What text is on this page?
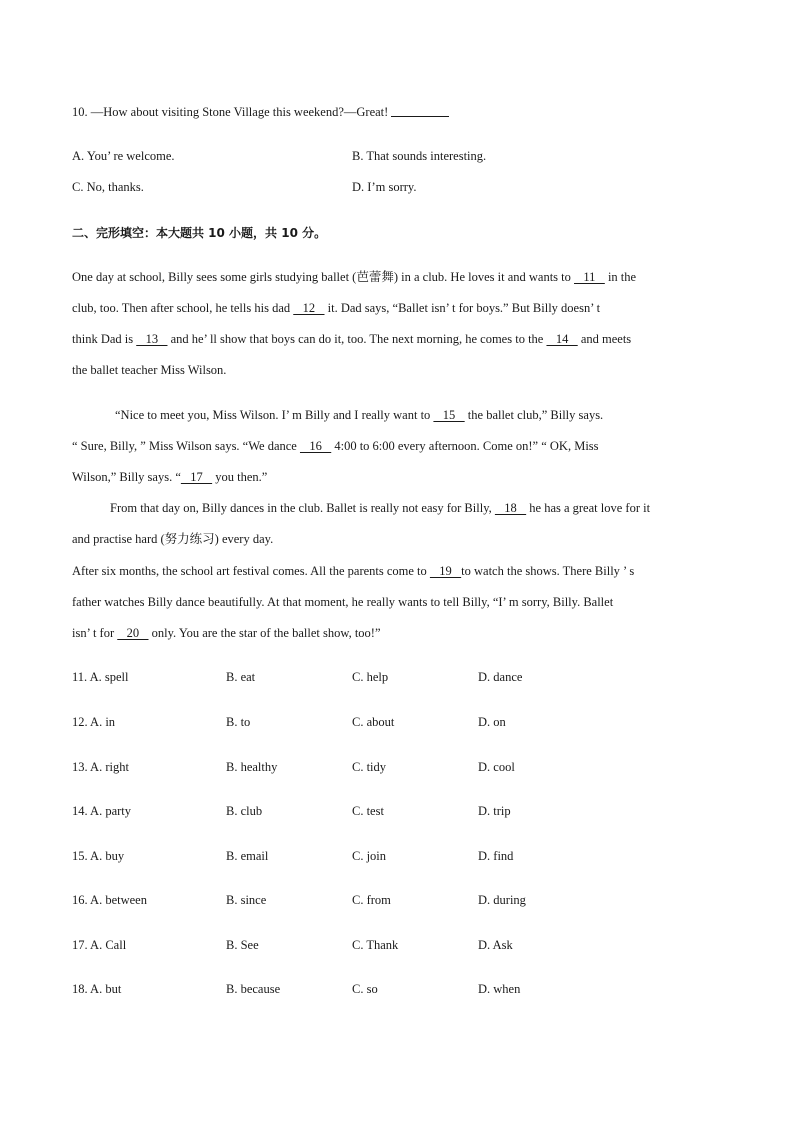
10. —How about visiting Stone Village this weekend?—Great!
A. You’ re welcome.	B. That sounds interesting.
C. No, thanks.	D. I’m sorry.
二、完形填空：本大题共 10 小题，共 10 分。
One day at school, Billy sees some girls studying ballet (芭蕾舞) in a club. He loves it and wants to    11    in the
club, too. Then after school, he tells his dad    12    it. Dad says, “Ballet isn’ t for boys.” But Billy doesn’ t
think Dad is    13    and he’ ll show that boys can do it, too. The next morning, he comes to the    14    and meets
the ballet teacher Miss Wilson.
“Nice to meet you, Miss Wilson. I’ m Billy and I really want to    15    the ballet club,” Billy says.
“ Sure, Billy, ” Miss Wilson says. “We dance    16    4:00 to 6:00 every afternoon. Come on!” “ OK, Miss
Wilson,” Billy says. “   17    you then.”
From that day on, Billy dances in the club. Ballet is really not easy for Billy,    18    he has a great love for it
and practise hard (努力练习) every day.
After six months, the school art festival comes. All the parents come to    19   to watch the shows. There Billy ’ s
father watches Billy dance beautifully. At that moment, he really wants to tell Billy, “I’ m sorry, Billy. Ballet
isn’ t for    20    only. You are the star of the ballet show, too!”
11. A. spell	B. eat	C. help	D. dance
12. A. in	B. to	C. about	D. on
13. A. right	B. healthy	C. tidy	D. cool
14. A. party	B. club	C. test	D. trip
15. A. buy	B. email	C. join	D. find
16. A. between	B. since	C. from	D. during
17. A. Call	B. See	C. Thank	D. Ask
18. A. but	B. because	C. so	D. when
